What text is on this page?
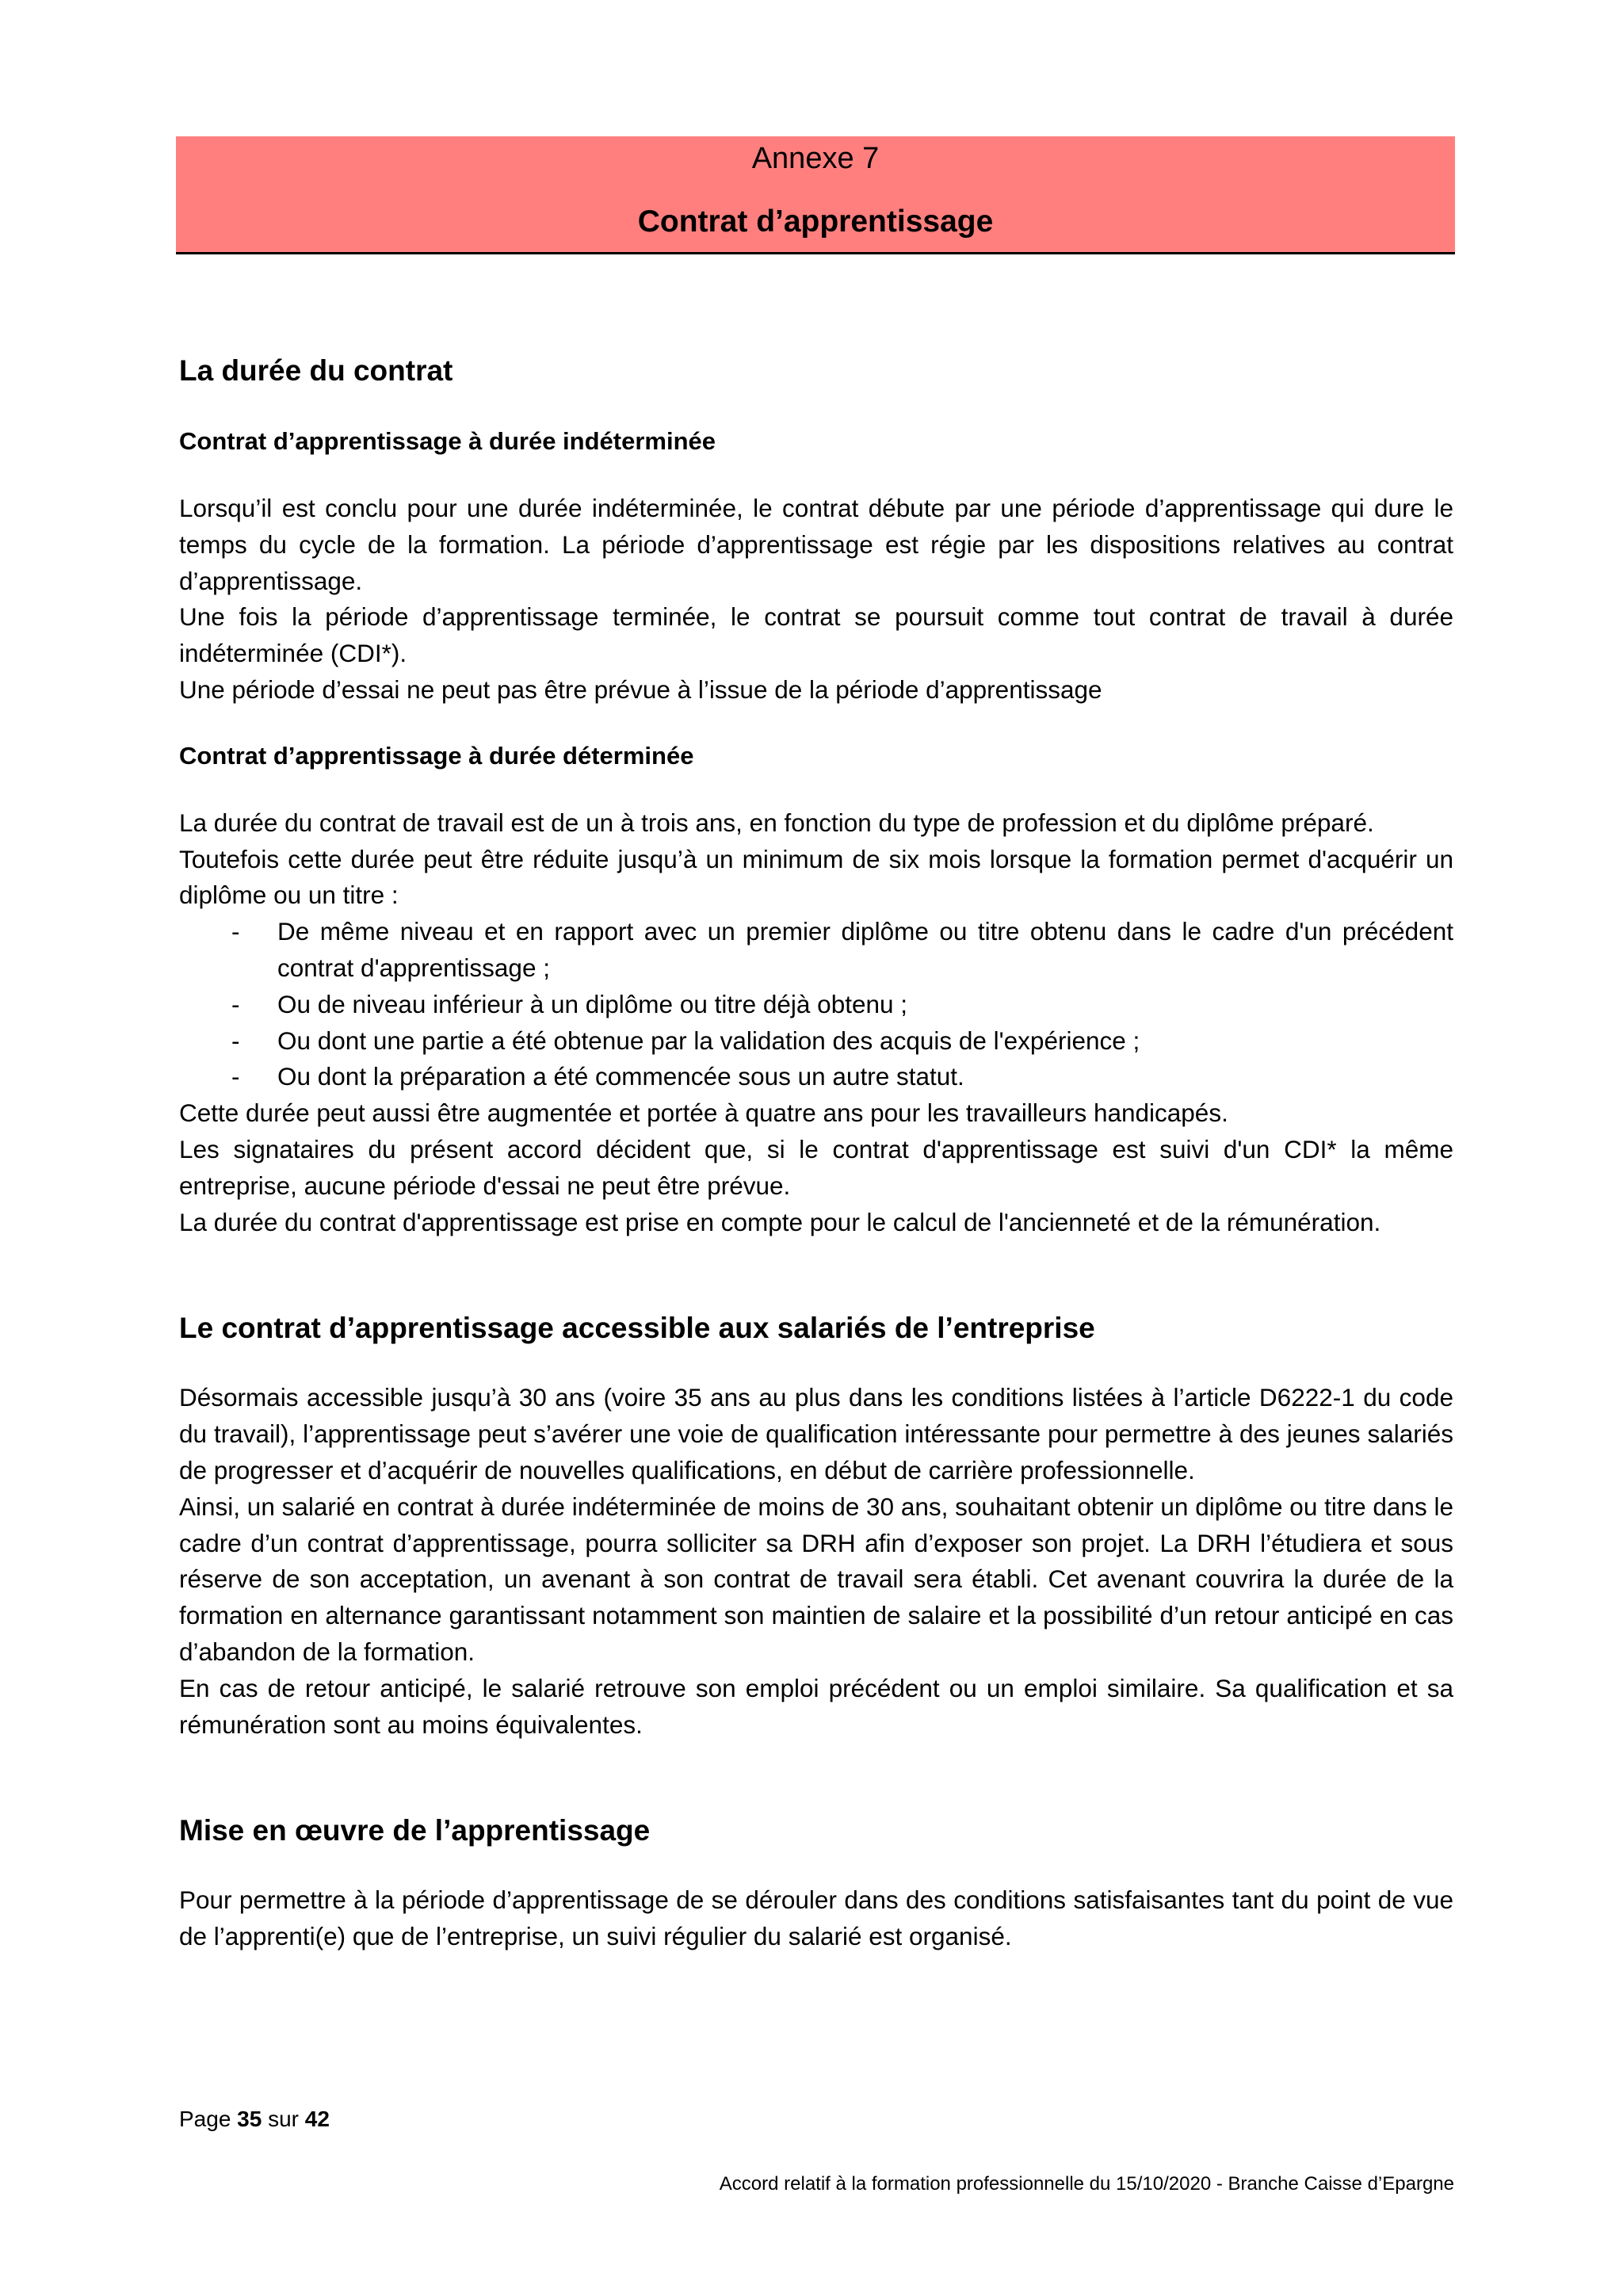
Annexe 7
Contrat d’apprentissage
La durée du contrat
Contrat d’apprentissage à durée indéterminée

Lorsqu’il est conclu pour une durée indéterminée, le contrat débute par une période d’apprentissage qui dure le temps du cycle de la formation. La période d’apprentissage est régie par les dispositions relatives au contrat d’apprentissage.

Une fois la période d’apprentissage terminée, le contrat se poursuit comme tout contrat de travail à durée indéterminée (CDI*).

Une période d’essai ne peut pas être prévue à l’issue de la période d’apprentissage

Contrat d’apprentissage à durée déterminée

La durée du contrat de travail est de un à trois ans, en fonction du type de profession et du diplôme préparé.

Toutefois cette durée peut être réduite jusqu’à un minimum de six mois lorsque la formation permet d'acquérir un diplôme ou un titre :

- De même niveau et en rapport avec un premier diplôme ou titre obtenu dans le cadre d'un précédent contrat d'apprentissage ;
- Ou de niveau inférieur à un diplôme ou titre déjà obtenu ;
- Ou dont une partie a été obtenue par la validation des acquis de l'expérience ;
- Ou dont la préparation a été commencée sous un autre statut.

Cette durée peut aussi être augmentée et portée à quatre ans pour les travailleurs handicapés.

Les signataires du présent accord décident que, si le contrat d'apprentissage est suivi d'un CDI* la même entreprise, aucune période d'essai ne peut être prévue.

La durée du contrat d'apprentissage est prise en compte pour le calcul de l'ancienneté et de la rémunération.

Le contrat d’apprentissage accessible aux salariés de l’entreprise

Désormais accessible jusqu’à 30 ans (voire 35 ans au plus dans les conditions listées à l’article D6222-1 du code du travail), l’apprentissage peut s’avérer une voie de qualification intéressante pour permettre à des jeunes salariés de progresser et d’acquérir de nouvelles qualifications, en début de carrière professionnelle.

Ainsi, un salarié en contrat à durée indéterminée de moins de 30 ans, souhaitant obtenir un diplôme ou titre dans le cadre d’un contrat d’apprentissage, pourra solliciter sa DRH afin d’exposer son projet. La DRH l’étudiera et sous réserve de son acceptation, un avenant à son contrat de travail sera établi. Cet avenant couvrira la durée de la formation en alternance garantissant notamment son maintien de salaire et la possibilité d’un retour anticipé en cas d’abandon de la formation.

En cas de retour anticipé, le salarié retrouve son emploi précédent ou un emploi similaire. Sa qualification et sa rémunération sont au moins équivalentes.

Mise en œuvre de l’apprentissage

Pour permettre à la période d’apprentissage de se dérouler dans des conditions satisfaisantes tant du point de vue de l’apprenti(e) que de l’entreprise, un suivi régulier du salarié est organisé.

Page 35 sur 42
Accord relatif à la formation professionnelle du 15/10/2020 - Branche Caisse d’Epargne
